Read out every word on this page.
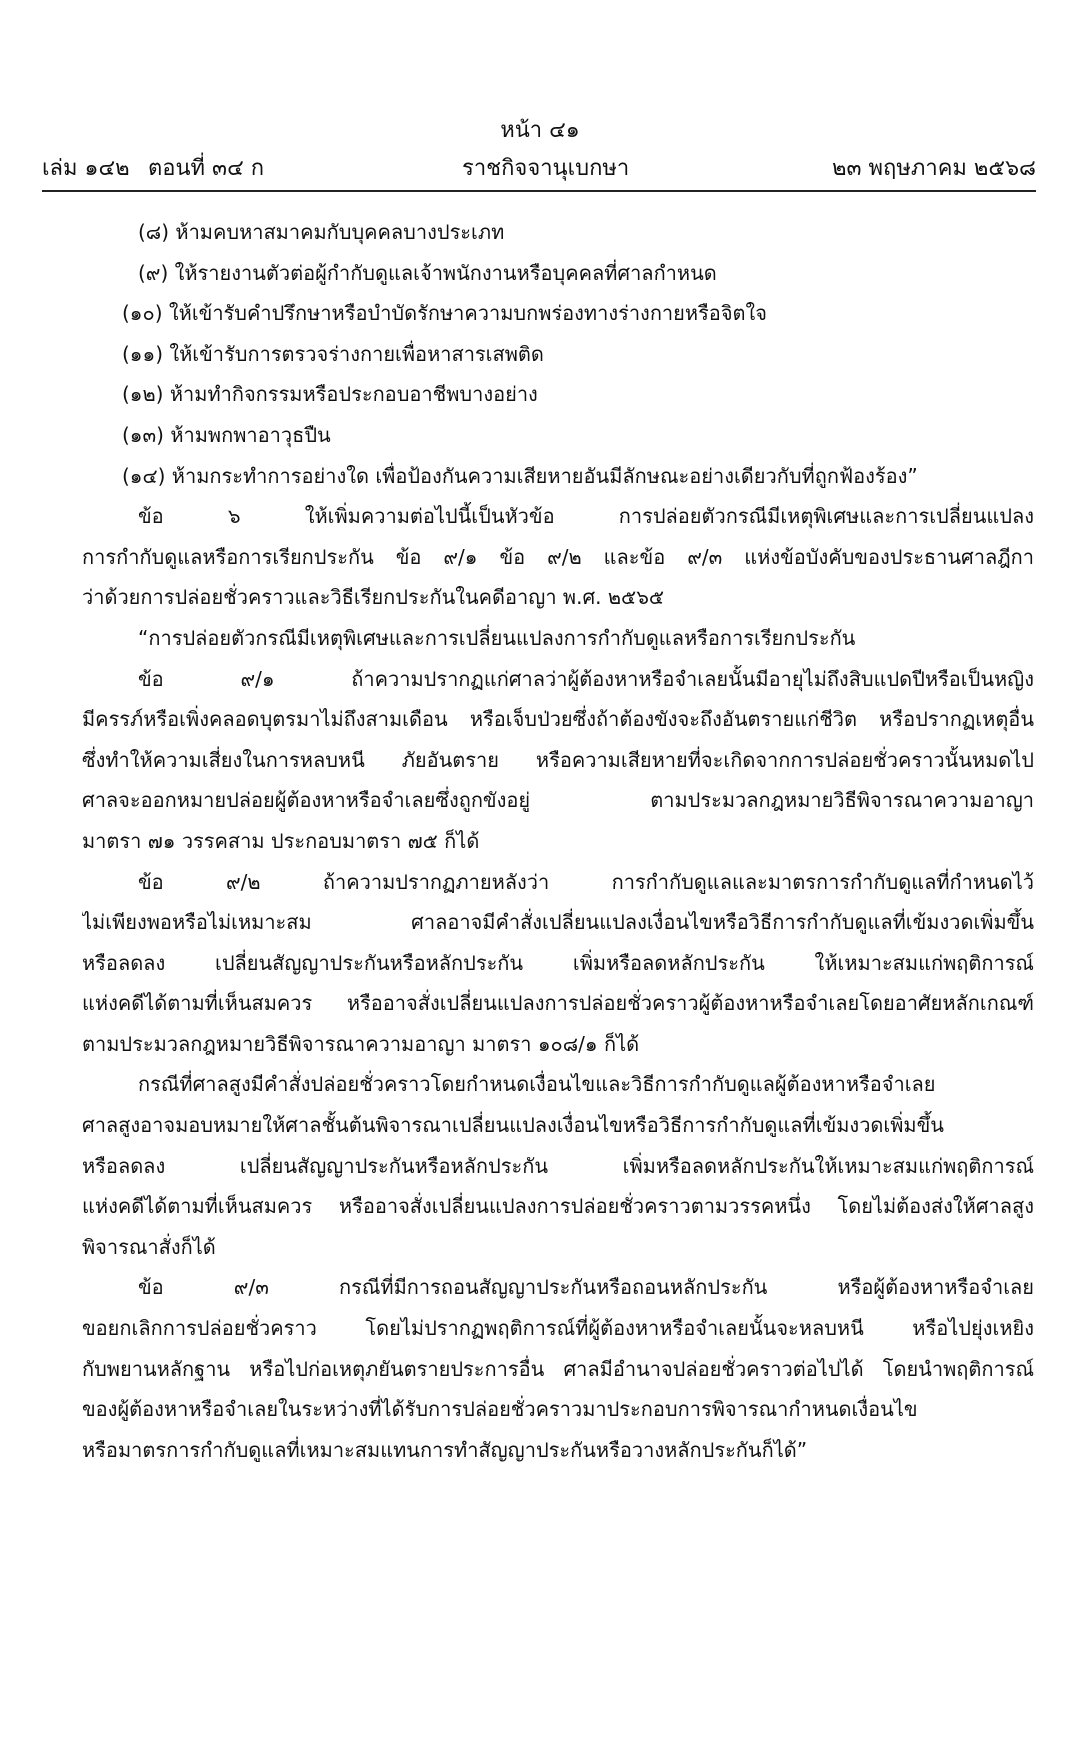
หน้า ๔๑
เล่ม ๑๔๒ ตอนที่ ๓๔ ก	ราชกิจจานุเบกษา	๒๓ พฤษภาคม ๒๕๖๘
(๘) ห้ามคบหาสมาคมกับบุคคลบางประเภท
(๙) ให้รายงานตัวต่อผู้กำกับดูแลเจ้าพนักงานหรือบุคคลที่ศาลกำหนด
(๑๐) ให้เข้ารับคำปรึกษาหรือบำบัดรักษาความบกพร่องทางร่างกายหรือจิตใจ
(๑๑) ให้เข้ารับการตรวจร่างกายเพื่อหาสารเสพติด
(๑๒) ห้ามทำกิจกรรมหรือประกอบอาชีพบางอย่าง
(๑๓) ห้ามพกพาอาวุธปืน
(๑๔) ห้ามกระทำการอย่างใด เพื่อป้องกันความเสียหายอันมีลักษณะอย่างเดียวกับที่ถูกฟ้องร้อง”
ข้อ ๖ ให้เพิ่มความต่อไปนี้เป็นหัวข้อ การปล่อยตัวกรณีมีเหตุพิเศษและการเปลี่ยนแปลง
การกำกับดูแลหรือการเรียกประกัน ข้อ ๙/๑ ข้อ ๙/๒ และข้อ ๙/๓ แห่งข้อบังคับของประธานศาลฎีกา
ว่าด้วยการปล่อยชั่วคราวและวิธีเรียกประกันในคดีอาญา พ.ศ. ๒๕๖๕
“การปล่อยตัวกรณีมีเหตุพิเศษและการเปลี่ยนแปลงการกำกับดูแลหรือการเรียกประกัน
ข้อ ๙/๑ ถ้าความปรากฏแก่ศาลว่าผู้ต้องหาหรือจำเลยนั้นมีอายุไม่ถึงสิบแปดปีหรือเป็นหญิง
มีครรภ์หรือเพิ่งคลอดบุตรมาไม่ถึงสามเดือน หรือเจ็บป่วยซึ่งถ้าต้องขังจะถึงอันตรายแก่ชีวิต หรือปรากฏเหตุอื่น
ซึ่งทำให้ความเสี่ยงในการหลบหนี ภัยอันตราย หรือความเสียหายที่จะเกิดจากการปล่อยชั่วคราวนั้นหมดไป
ศาลจะออกหมายปล่อยผู้ต้องหาหรือจำเลยซึ่งถูกขังอยู่ ตามประมวลกฎหมายวิธีพิจารณาความอาญา
มาตรา ๗๑ วรรคสาม ประกอบมาตรา ๗๕ ก็ได้
ข้อ ๙/๒ ถ้าความปรากฏภายหลังว่า การกำกับดูแลและมาตรการกำกับดูแลที่กำหนดไว้
ไม่เพียงพอหรือไม่เหมาะสม ศาลอาจมีคำสั่งเปลี่ยนแปลงเงื่อนไขหรือวิธีการกำกับดูแลที่เข้มงวดเพิ่มขึ้น
หรือลดลง เปลี่ยนสัญญาประกันหรือหลักประกัน เพิ่มหรือลดหลักประกัน ให้เหมาะสมแก่พฤติการณ์
แห่งคดีได้ตามที่เห็นสมควร หรืออาจสั่งเปลี่ยนแปลงการปล่อยชั่วคราวผู้ต้องหาหรือจำเลยโดยอาศัยหลักเกณฑ์
ตามประมวลกฎหมายวิธีพิจารณาความอาญา มาตรา ๑๐๘/๑ ก็ได้
กรณีที่ศาลสูงมีคำสั่งปล่อยชั่วคราวโดยกำหนดเงื่อนไขและวิธีการกำกับดูแลผู้ต้องหาหรือจำเลย
ศาลสูงอาจมอบหมายให้ศาลชั้นต้นพิจารณาเปลี่ยนแปลงเงื่อนไขหรือวิธีการกำกับดูแลที่เข้มงวดเพิ่มขึ้น
หรือลดลง เปลี่ยนสัญญาประกันหรือหลักประกัน เพิ่มหรือลดหลักประกันให้เหมาะสมแก่พฤติการณ์
แห่งคดีได้ตามที่เห็นสมควร หรืออาจสั่งเปลี่ยนแปลงการปล่อยชั่วคราวตามวรรคหนึ่ง โดยไม่ต้องส่งให้ศาลสูง
พิจารณาสั่งก็ได้
ข้อ ๙/๓ กรณีที่มีการถอนสัญญาประกันหรือถอนหลักประกัน หรือผู้ต้องหาหรือจำเลย
ขอยกเลิกการปล่อยชั่วคราว โดยไม่ปรากฏพฤติการณ์ที่ผู้ต้องหาหรือจำเลยนั้นจะหลบหนี หรือไปยุ่งเหยิง
กับพยานหลักฐาน หรือไปก่อเหตุภยันตรายประการอื่น ศาลมีอำนาจปล่อยชั่วคราวต่อไปได้ โดยนำพฤติการณ์
ของผู้ต้องหาหรือจำเลยในระหว่างที่ได้รับการปล่อยชั่วคราวมาประกอบการพิจารณากำหนดเงื่อนไข
หรือมาตรการกำกับดูแลที่เหมาะสมแทนการทำสัญญาประกันหรือวางหลักประกันก็ได้”
